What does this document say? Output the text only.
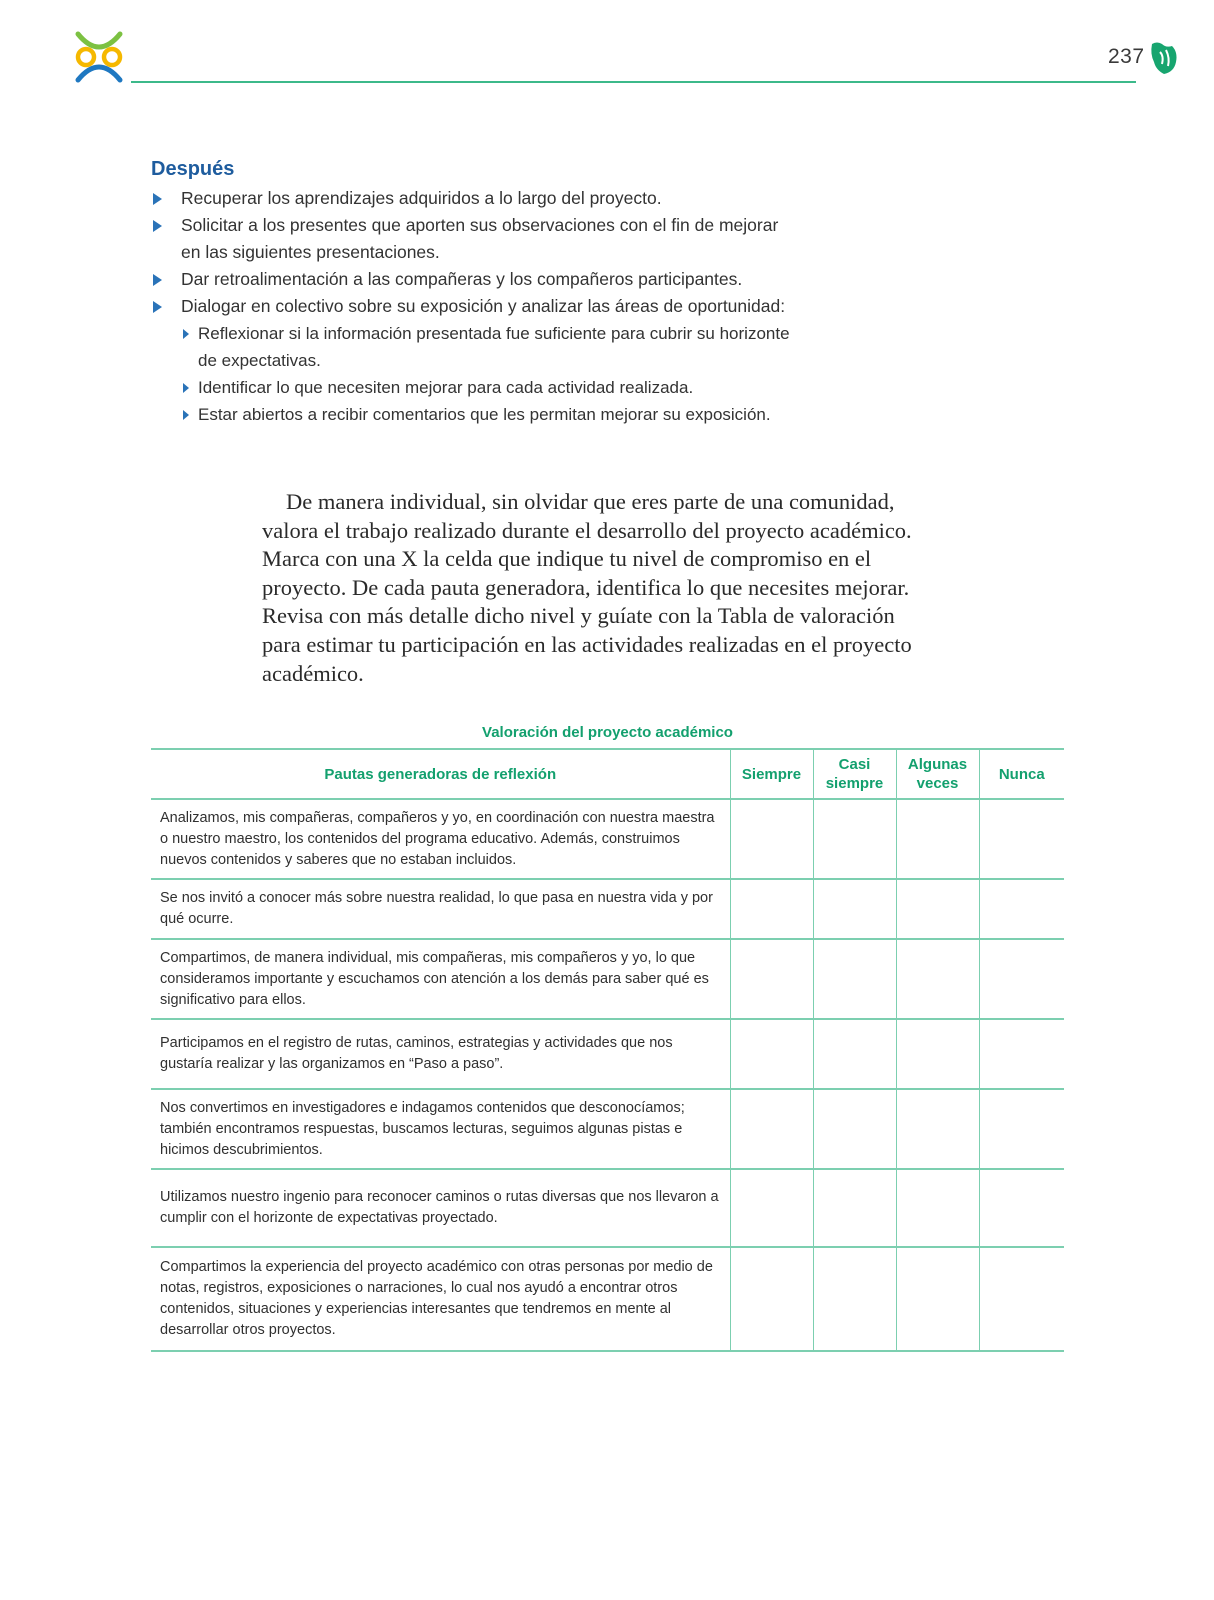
237
Después
Recuperar los aprendizajes adquiridos a lo largo del proyecto.
Solicitar a los presentes que aporten sus observaciones con el fin de mejorar en las siguientes presentaciones.
Dar retroalimentación a las compañeras y los compañeros participantes.
Dialogar en colectivo sobre su exposición y analizar las áreas de oportunidad:
Reflexionar si la información presentada fue suficiente para cubrir su horizonte de expectativas.
Identificar lo que necesiten mejorar para cada actividad realizada.
Estar abiertos a recibir comentarios que les permitan mejorar su exposición.

De manera individual, sin olvidar que eres parte de una comunidad, valora el trabajo realizado durante el desarrollo del proyecto académico. Marca con una X la celda que indique tu nivel de compromiso en el proyecto. De cada pauta generadora, identifica lo que necesites mejorar. Revisa con más detalle dicho nivel y guíate con la Tabla de valoración para estimar tu participación en las actividades realizadas en el proyecto académico.

Valoración del proyecto académico
Pautas generadoras de reflexión	Siempre	Casi siempre	Algunas veces	Nunca
Analizamos, mis compañeras, compañeros y yo, en coordinación con nuestra maestra o nuestro maestro, los contenidos del programa educativo. Además, construimos nuevos contenidos y saberes que no estaban incluidos.				
Se nos invitó a conocer más sobre nuestra realidad, lo que pasa en nuestra vida y por qué ocurre.				
Compartimos, de manera individual, mis compañeras, mis compañeros y yo, lo que consideramos importante y escuchamos con atención a los demás para saber qué es significativo para ellos.				
Participamos en el registro de rutas, caminos, estrategias y actividades que nos gustaría realizar y las organizamos en “Paso a paso”.				
Nos convertimos en investigadores e indagamos contenidos que desconocíamos; también encontramos respuestas, buscamos lecturas, seguimos algunas pistas e hicimos descubrimientos.				
Utilizamos nuestro ingenio para reconocer caminos o rutas diversas que nos llevaron a cumplir con el horizonte de expectativas proyectado.				
Compartimos la experiencia del proyecto académico con otras personas por medio de notas, registros, exposiciones o narraciones, lo cual nos ayudó a encontrar otros contenidos, situaciones y experiencias interesantes que tendremos en mente al desarrollar otros proyectos.				
